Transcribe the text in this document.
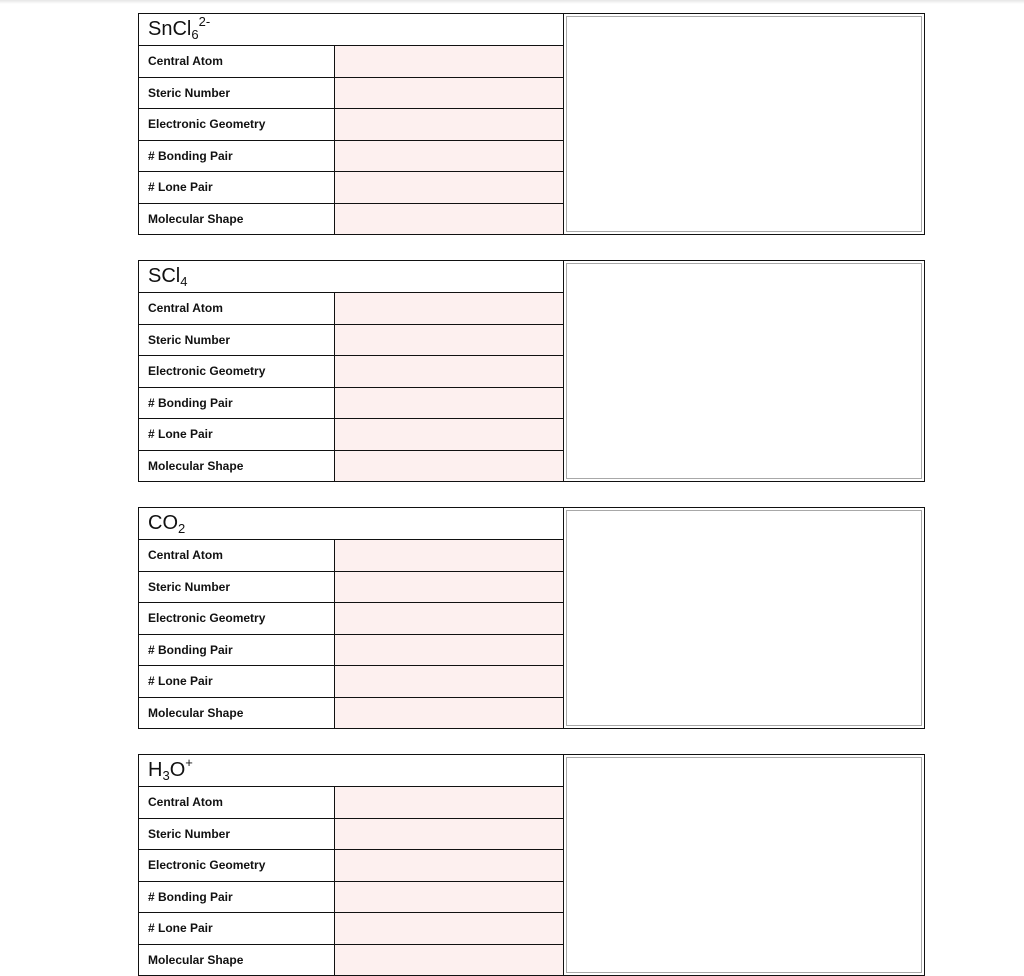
SnCl 6
2-
Central Atom
Steric Number
Electronic Geometry
# Bonding Pair
# Lone Pair
Molecular Shape
SCl 4
Central Atom
Steric Number
Electronic Geometry
# Bonding Pair
# Lone Pair
Molecular Shape
CO 2
Central Atom
Steric Number
Electronic Geometry
# Bonding Pair
# Lone Pair
Molecular Shape
H 3 O +
Central Atom
Steric Number
Electronic Geometry
# Bonding Pair
# Lone Pair
Molecular Shape
